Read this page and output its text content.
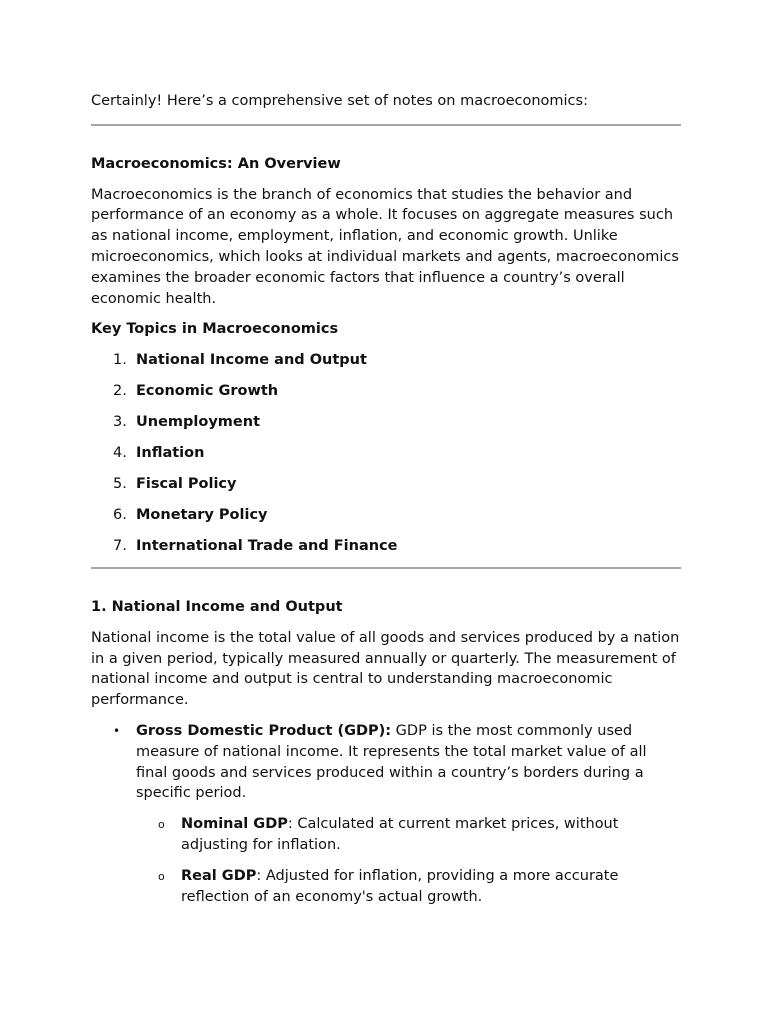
Certainly! Here’s a comprehensive set of notes on macroeconomics:

Macroeconomics: An Overview

Macroeconomics is the branch of economics that studies the behavior and performance of an economy as a whole. It focuses on aggregate measures such as national income, employment, inflation, and economic growth. Unlike microeconomics, which looks at individual markets and agents, macroeconomics examines the broader economic factors that influence a country’s overall economic health.

Key Topics in Macroeconomics

1. National Income and Output
2. Economic Growth
3. Unemployment
4. Inflation
5. Fiscal Policy
6. Monetary Policy
7. International Trade and Finance

1. National Income and Output

National income is the total value of all goods and services produced by a nation in a given period, typically measured annually or quarterly. The measurement of national income and output is central to understanding macroeconomic performance.

• Gross Domestic Product (GDP): GDP is the most commonly used measure of national income. It represents the total market value of all final goods and services produced within a country’s borders during a specific period.
o Nominal GDP: Calculated at current market prices, without adjusting for inflation.
o Real GDP: Adjusted for inflation, providing a more accurate reflection of an economy's actual growth.
